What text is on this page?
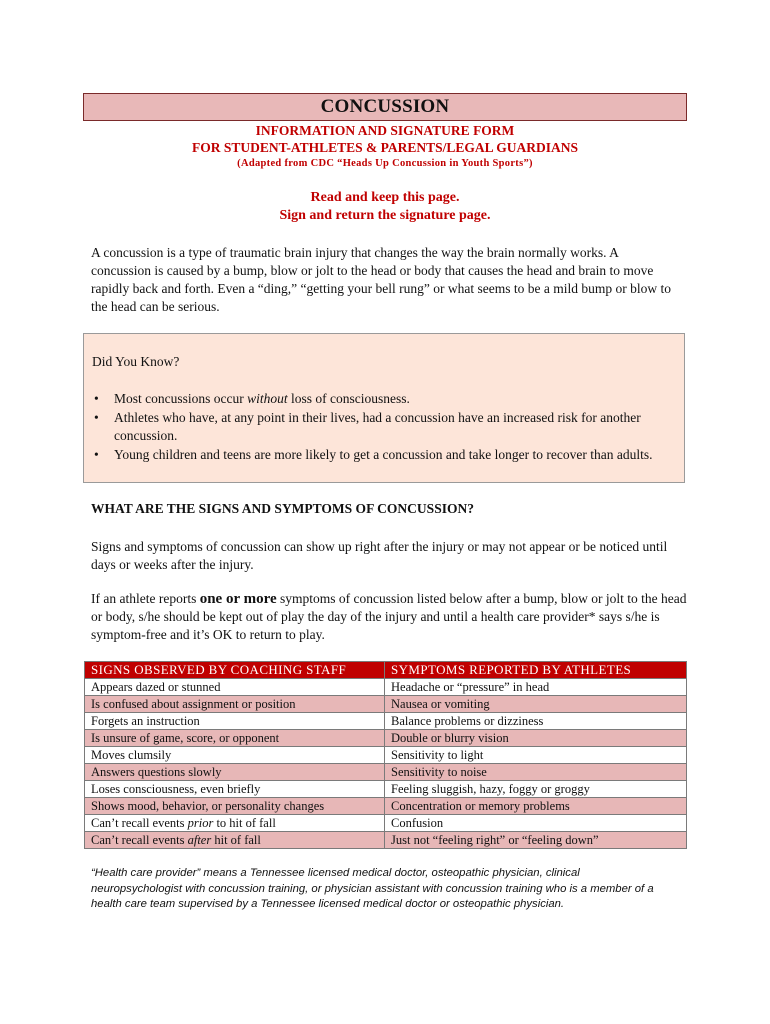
CONCUSSION
INFORMATION AND SIGNATURE FORM
FOR STUDENT-ATHLETES & PARENTS/LEGAL GUARDIANS
(Adapted from CDC “Heads Up Concussion in Youth Sports”)
Read and keep this page.
Sign and return the signature page.

A concussion is a type of traumatic brain injury that changes the way the brain normally works. A concussion is caused by a bump, blow or jolt to the head or body that causes the head and brain to move rapidly back and forth. Even a “ding,” “getting your bell rung” or what seems to be a mild bump or blow to the head can be serious.

Did You Know?
• Most concussions occur without loss of consciousness.
• Athletes who have, at any point in their lives, had a concussion have an increased risk for another concussion.
• Young children and teens are more likely to get a concussion and take longer to recover than adults.
WHAT ARE THE SIGNS AND SYMPTOMS OF CONCUSSION?
Signs and symptoms of concussion can show up right after the injury or may not appear or be noticed until days or weeks after the injury.
If an athlete reports one or more symptoms of concussion listed below after a bump, blow or jolt to the head or body, s/he should be kept out of play the day of the injury and until a health care provider* says s/he is symptom-free and it’s OK to return to play.
SIGNS OBSERVED BY COACHING STAFF	SYMPTOMS REPORTED BY ATHLETES
Appears dazed or stunned	Headache or “pressure” in head
Is confused about assignment or position	Nausea or vomiting
Forgets an instruction	Balance problems or dizziness
Is unsure of game, score, or opponent	Double or blurry vision
Moves clumsily	Sensitivity to light
Answers questions slowly	Sensitivity to noise
Loses consciousness, even briefly	Feeling sluggish, hazy, foggy or groggy
Shows mood, behavior, or personality changes	Concentration or memory problems
Can’t recall events prior to hit of fall	Confusion
Can’t recall events after hit of fall	Just not “feeling right” or “feeling down”
“Health care provider” means a Tennessee licensed medical doctor, osteopathic physician, clinical neuropsychologist with concussion training, or physician assistant with concussion training who is a member of a health care team supervised by a Tennessee licensed medical doctor or osteopathic physician.
